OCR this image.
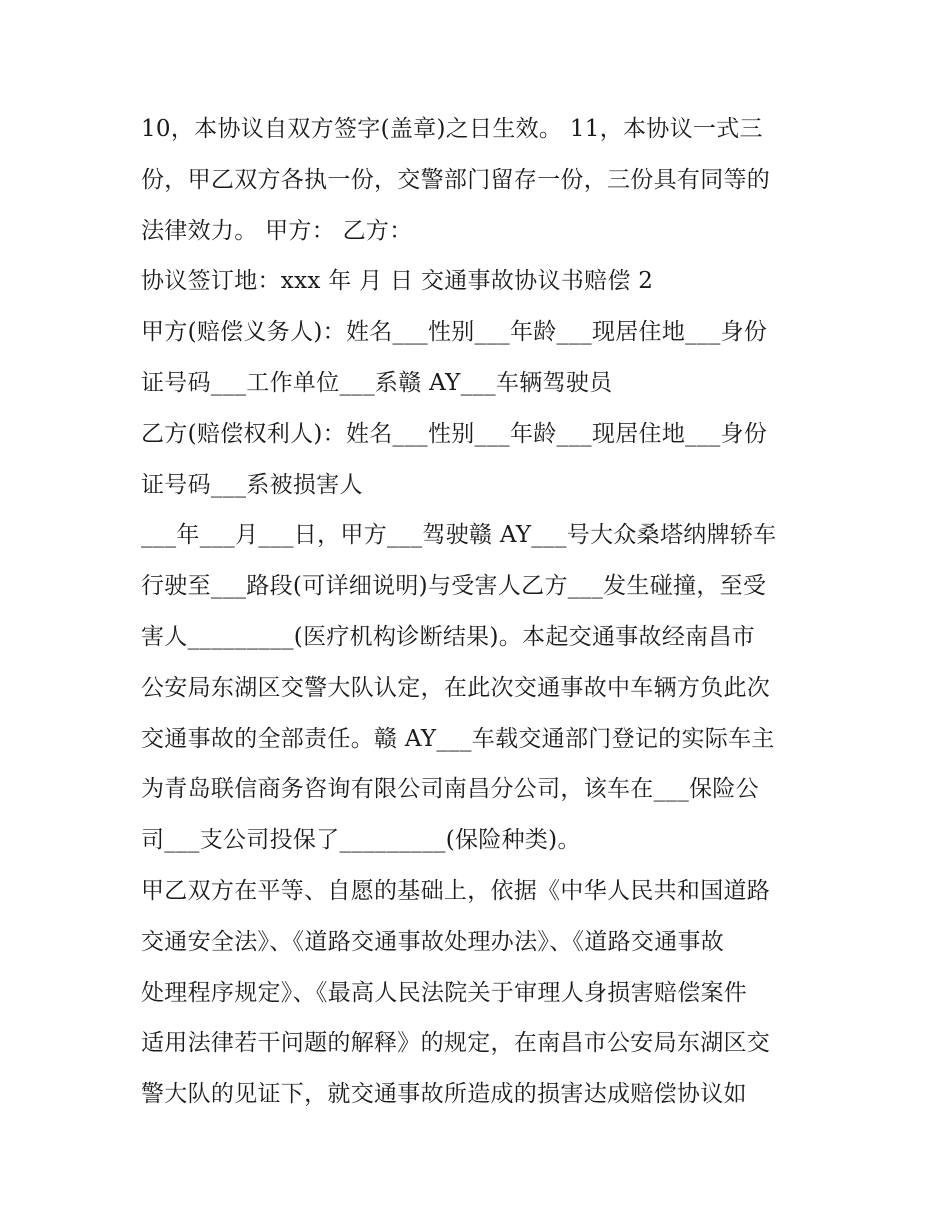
10，本协议自双方签字(盖章)之日生效。 11，本协议一式三
份，甲乙双方各执一份，交警部门留存一份，三份具有同等的
法律效力。 甲方： 乙方：
协议签订地：xxx 年 月 日 交通事故协议书赔偿 2
甲方(赔偿义务人)：姓名___性别___年龄___现居住地___身份
证号码___工作单位___系赣 AY___车辆驾驶员
乙方(赔偿权利人)：姓名___性别___年龄___现居住地___身份
证号码___系被损害人
___年___月___日，甲方___驾驶赣 AY___号大众桑塔纳牌轿车
行驶至___路段(可详细说明)与受害人乙方___发生碰撞，至受
害人_________(医疗机构诊断结果)。本起交通事故经南昌市
公安局东湖区交警大队认定，在此次交通事故中车辆方负此次
交通事故的全部责任。赣 AY___车载交通部门登记的实际车主
为青岛联信商务咨询有限公司南昌分公司，该车在___保险公
司___支公司投保了_________(保险种类)。
甲乙双方在平等、自愿的基础上，依据《中华人民共和国道路
交通安全法》、《道路交通事故处理办法》、《道路交通事故
处理程序规定》、《最高人民法院关于审理人身损害赔偿案件
适用法律若干问题的解释》的规定，在南昌市公安局东湖区交
警大队的见证下，就交通事故所造成的损害达成赔偿协议如
